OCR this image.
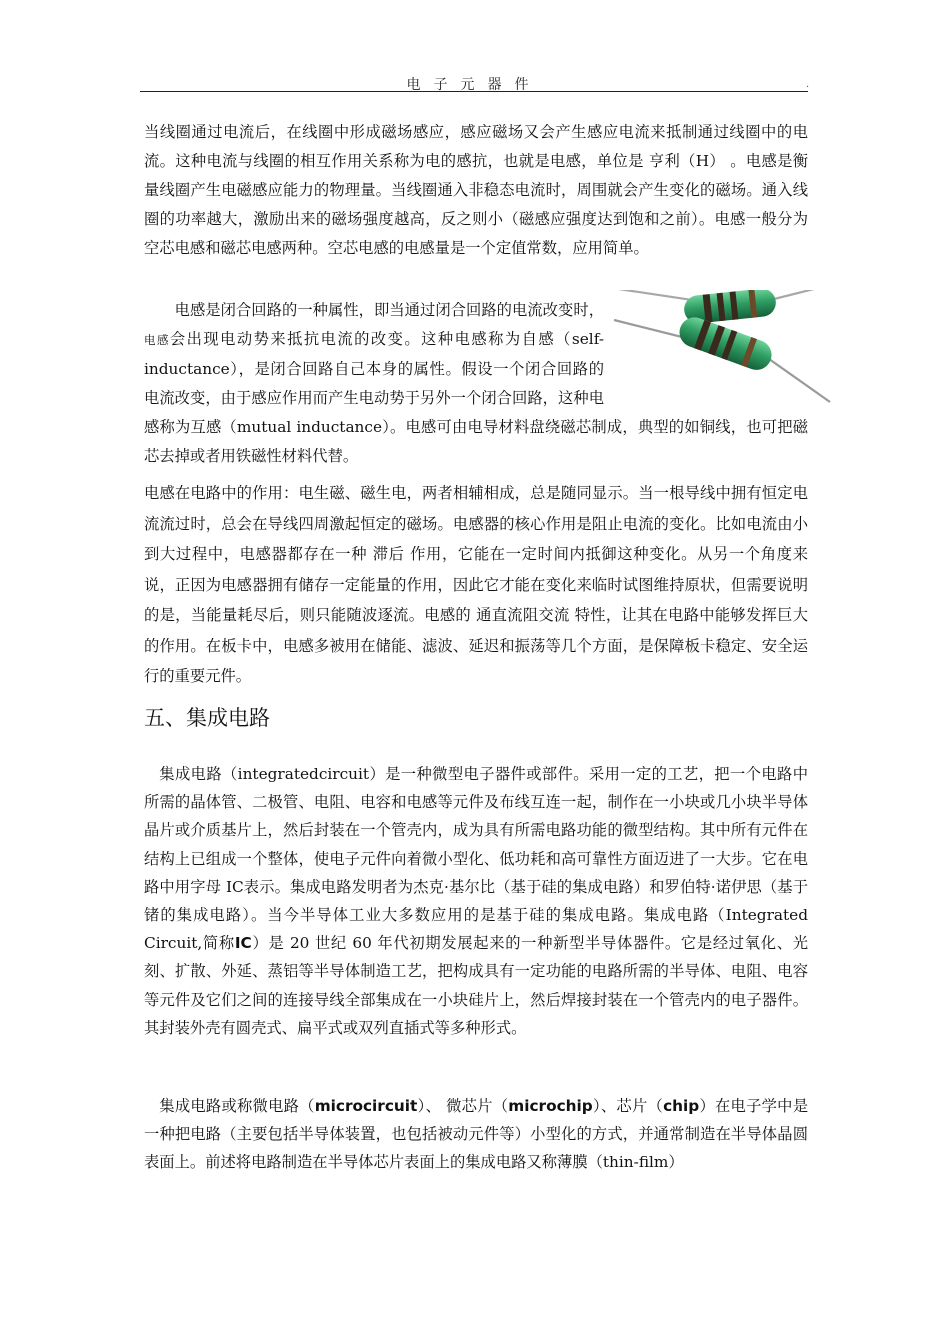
电子元器件	·

当线圈通过电流后，在线圈中形成磁场感应，感应磁场又会产生感应电流来抵制通过线圈中的电流。这种电流与线圈的相互作用关系称为电的感抗，也就是电感，单位是 亨利（H） 。电感是衡量线圈产生电磁感应能力的物理量。当线圈通入非稳态电流时，周围就会产生变化的磁场。通入线圈的功率越大，激励出来的磁场强度越高，反之则小（磁感应强度达到饱和之前）。电感一般分为空芯电感和磁芯电感两种。空芯电感的电感量是一个定值常数，应用简单。

电感是闭合回路的一种属性，即当通过闭合回路的电流改变时，电感会出现电动势来抵抗电流的改变。这种电感称为自感（self-inductance），是闭合回路自己本身的属性。假设一个闭合回路的电流改变，由于感应作用而产生电动势于另外一个闭合回路，这种电感称为互感（mutual inductance）。电感可由电导材料盘绕磁芯制成，典型的如铜线，也可把磁芯去掉或者用铁磁性材料代替。

电感在电路中的作用：电生磁、磁生电，两者相辅相成，总是随同显示。当一根导线中拥有恒定电流流过时，总会在导线四周激起恒定的磁场。电感器的核心作用是阻止电流的变化。比如电流由小到大过程中，电感器都存在一种 滞后 作用，它能在一定时间内抵御这种变化。从另一个角度来说，正因为电感器拥有储存一定能量的作用，因此它才能在变化来临时试图维持原状，但需要说明的是，当能量耗尽后，则只能随波逐流。电感的 通直流阻交流 特性，让其在电路中能够发挥巨大的作用。在板卡中，电感多被用在储能、滤波、延迟和振荡等几个方面，是保障板卡稳定、安全运行的重要元件。

五、集成电路

集成电路（integratedcircuit）是一种微型电子器件或部件。采用一定的工艺，把一个电路中所需的晶体管、二极管、电阻、电容和电感等元件及布线互连一起，制作在一小块或几小块半导体晶片或介质基片上，然后封装在一个管壳内，成为具有所需电路功能的微型结构。其中所有元件在结构上已组成一个整体，使电子元件向着微小型化、低功耗和高可靠性方面迈进了一大步。它在电路中用字母 IC表示。集成电路发明者为杰克·基尔比（基于硅的集成电路）和罗伯特·诺伊思（基于锗的集成电路）。当今半导体工业大多数应用的是基于硅的集成电路。集成电路（Integrated Circuit,简称IC）是 20 世纪 60 年代初期发展起来的一种新型半导体器件。它是经过氧化、光刻、扩散、外延、蒸铝等半导体制造工艺，把构成具有一定功能的电路所需的半导体、电阻、电容等元件及它们之间的连接导线全部集成在一小块硅片上，然后焊接封装在一个管壳内的电子器件。其封装外壳有圆壳式、扁平式或双列直插式等多种形式。

集成电路或称微电路（microcircuit）、 微芯片（microchip）、芯片（chip）在电子学中是一种把电路（主要包括半导体装置，也包括被动元件等）小型化的方式，并通常制造在半导体晶圆表面上。前述将电路制造在半导体芯片表面上的集成电路又称薄膜（thin-film）
